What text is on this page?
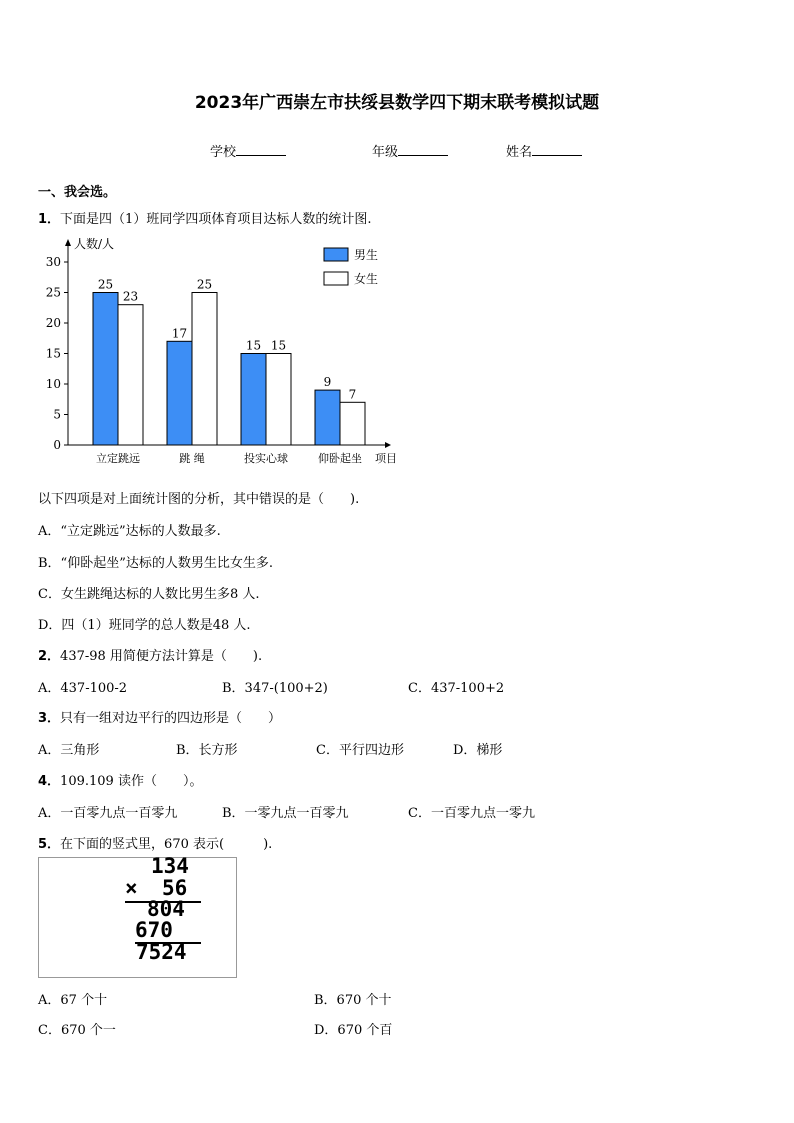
2023年广西崇左市扶绥县数学四下期末联考模拟试题
学校	年级	姓名
一、我会选。
1．下面是四（1）班同学四项体育项目达标人数的统计图.
0
5
10
15
20
25
30
人数/人
项目
25
23
立定跳远
17
25
跳 绳
15 15
投实心球
9
7
仰卧起坐
男生
女生
以下四项是对上面统计图的分析，其中错误的是（　　).
A．“立定跳远”达标的人数最多.
B．“仰卧起坐”达标的人数男生比女生多.
C．女生跳绳达标的人数比男生多8 人.
D．四（1）班同学的总人数是48 人.
2．437-98 用简便方法计算是（　　).
A．437-100-2	B．347-(100+2)	C．437-100+2
3．只有一组对边平行的四边形是（　　）
A．三角形	B．长方形	C．平行四边形	D．梯形
4．109.109 读作（　　）。
A．一百零九点一百零九	B．一零九点一百零九	C．一百零九点一零九
5．在下面的竖式里，670 表示(　　　).
134
× 56
804
670
7524
A．67 个十	B．670 个十
C．670 个一	D．670 个百
